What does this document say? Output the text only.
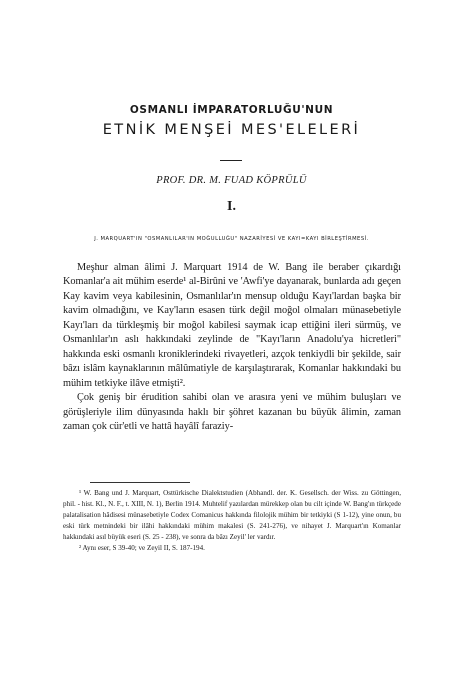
OSMANLI İMPARATORLUĞU'NUN
ETNİK MENŞEİ MES'ELELERİ
PROF. DR. M. FUAD KÖPRÜLÜ
I.
J. MARQUART'IN "OSMANLILAR'IN MOĞULLUĞU" NAZARİYESİ VE KAYI=KAYI BİRLEŞTİRMESİ.

Meşhur alman âlimi J. Marquart 1914 de W. Bang ile beraber çıkardığı Komanlar'a ait mühim eserde¹ al-Birûni ve 'Awfi'ye dayanarak, bunlarda adı geçen Kay kavim veya kabilesinin, Osmanlılar'ın mensup olduğu Kayı'lardan başka bir kavim olmadığını, ve Kay'ların esasen türk değil moğol olmaları münasebetiyle Kayı'ları da türkleşmiş bir moğol kabilesi saymak icap ettiğini ileri sürmüş, ve Osmanlılar'ın aslı hakkındaki zeylinde de "Kayı'ların Anadolu'ya hicretleri" hakkında eski osmanlı kroniklerindeki rivayetleri, azçok tenkiydli bir şekilde, sair bâzı islâm kaynaklarının mâlûmatiyle de karşılaştırarak, Komanlar hakkındaki bu mühim tetkiyke ilâve etmişti².

Çok geniş bir érudition sahibi olan ve arasıra yeni ve mühim buluşları ve görüşleriyle ilim dünyasında haklı bir şöhret kazanan bu büyük âlimin, zaman zaman çok cür'etli ve hattâ hayâlî faraziy-

¹ W. Bang und J. Marquart, Osttürkische Dialektstudien (Abhandl. der. K. Gesellsch. der Wiss. zu Göttingen, phil. - hist. Kl., N. F., t. XIII, N. 1), Berlin 1914. Muhtelif yazılardan mürekkep olan bu cilt içinde W. Bang'ın türkçede palatalisation hâdisesi münasebetiyle Codex Comanicus hakkında filolojik mühim bir tetkiyki (S 1-12), yine onun, bu eski türk metnindeki bir ilâhi hakkındaki mühim makalesi (S. 241-276), ve nihayet J. Marquart'ın Komanlar hakkındaki asıl büyük eseri (S. 25 - 238), ve sonra da bâzı Zeyil' ler vardır.

² Aynı eser, S 39-40; ve Zeyil II, S. 187-194.
